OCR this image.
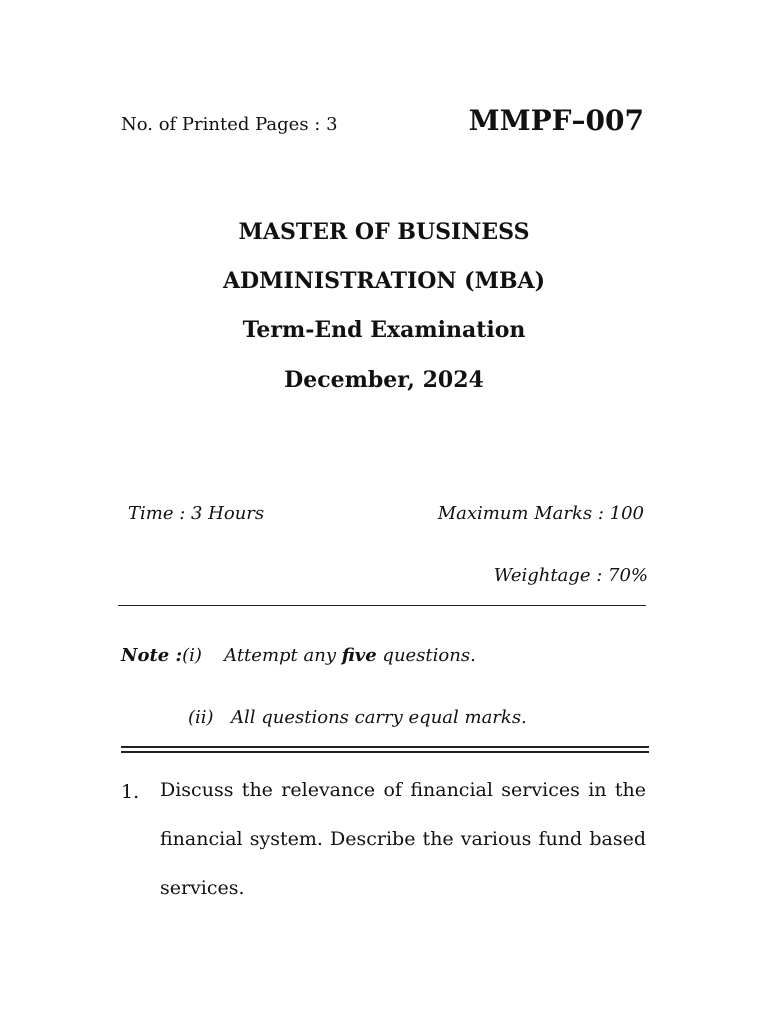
No. of Printed Pages : 3	MMPF–007
MASTER OF BUSINESS
ADMINISTRATION (MBA)
Term-End Examination
December, 2024
Time : 3 Hours	Maximum Marks : 100
Weightage : 70%
Note :(i) Attempt any five questions.
(ii) All questions carry equal marks.
1. Discuss the relevance of financial services in the financial system. Describe the various fund based services.
